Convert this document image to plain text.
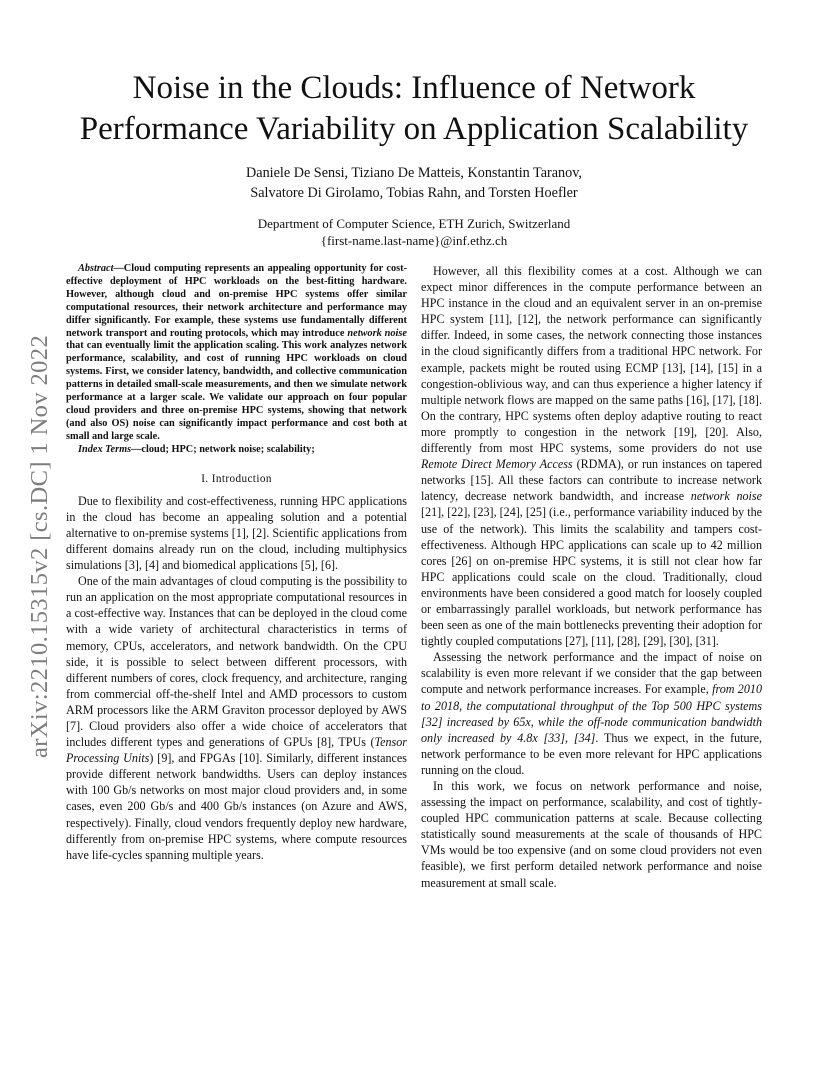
Noise in the Clouds: Influence of Network Performance Variability on Application Scalability
Daniele De Sensi, Tiziano De Matteis, Konstantin Taranov,
Salvatore Di Girolamo, Tobias Rahn, and Torsten Hoefler
Department of Computer Science, ETH Zurich, Switzerland
{first-name.last-name}@inf.ethz.ch
arXiv:2210.15315v2 [cs.DC] 1 Nov 2022

Abstract—Cloud computing represents an appealing opportunity for cost-effective deployment of HPC workloads on the best-fitting hardware. However, although cloud and on-premise HPC systems offer similar computational resources, their network architecture and performance may differ significantly. For example, these systems use fundamentally different network transport and routing protocols, which may introduce network noise that can eventually limit the application scaling. This work analyzes network performance, scalability, and cost of running HPC workloads on cloud systems. First, we consider latency, bandwidth, and collective communication patterns in detailed small-scale measurements, and then we simulate network performance at a larger scale. We validate our approach on four popular cloud providers and three on-premise HPC systems, showing that network (and also OS) noise can significantly impact performance and cost both at small and large scale.

Index Terms—cloud; HPC; network noise; scalability;

I. Introduction

Due to flexibility and cost-effectiveness, running HPC applications in the cloud has become an appealing solution and a potential alternative to on-premise systems [1], [2]. Scientific applications from different domains already run on the cloud, including multiphysics simulations [3], [4] and biomedical applications [5], [6].

One of the main advantages of cloud computing is the possibility to run an application on the most appropriate computational resources in a cost-effective way. Instances that can be deployed in the cloud come with a wide variety of architectural characteristics in terms of memory, CPUs, accelerators, and network bandwidth. On the CPU side, it is possible to select between different processors, with different numbers of cores, clock frequency, and architecture, ranging from commercial off-the-shelf Intel and AMD processors to custom ARM processors like the ARM Graviton processor deployed by AWS [7]. Cloud providers also offer a wide choice of accelerators that includes different types and generations of GPUs [8], TPUs (Tensor Processing Units) [9], and FPGAs [10]. Similarly, different instances provide different network bandwidths. Users can deploy instances with 100 Gb/s networks on most major cloud providers and, in some cases, even 200 Gb/s and 400 Gb/s instances (on Azure and AWS, respectively). Finally, cloud vendors frequently deploy new hardware, differently from on-premise HPC systems, where compute resources have life-cycles spanning multiple years.

However, all this flexibility comes at a cost. Although we can expect minor differences in the compute performance between an HPC instance in the cloud and an equivalent server in an on-premise HPC system [11], [12], the network performance can significantly differ. Indeed, in some cases, the network connecting those instances in the cloud significantly differs from a traditional HPC network. For example, packets might be routed using ECMP [13], [14], [15] in a congestion-oblivious way, and can thus experience a higher latency if multiple network flows are mapped on the same paths [16], [17], [18]. On the contrary, HPC systems often deploy adaptive routing to react more promptly to congestion in the network [19], [20]. Also, differently from most HPC systems, some providers do not use Remote Direct Memory Access (RDMA), or run instances on tapered networks [15]. All these factors can contribute to increase network latency, decrease network bandwidth, and increase network noise [21], [22], [23], [24], [25] (i.e., performance variability induced by the use of the network). This limits the scalability and tampers cost-effectiveness. Although HPC applications can scale up to 42 million cores [26] on on-premise HPC systems, it is still not clear how far HPC applications could scale on the cloud. Traditionally, cloud environments have been considered a good match for loosely coupled or embarrassingly parallel workloads, but network performance has been seen as one of the main bottlenecks preventing their adoption for tightly coupled computations [27], [11], [28], [29], [30], [31].

Assessing the network performance and the impact of noise on scalability is even more relevant if we consider that the gap between compute and network performance increases. For example, from 2010 to 2018, the computational throughput of the Top 500 HPC systems [32] increased by 65x, while the off-node communication bandwidth only increased by 4.8x [33], [34]. Thus we expect, in the future, network performance to be even more relevant for HPC applications running on the cloud.

In this work, we focus on network performance and noise, assessing the impact on performance, scalability, and cost of tightly-coupled HPC communication patterns at scale. Because collecting statistically sound measurements at the scale of thousands of HPC VMs would be too expensive (and on some cloud providers not even feasible), we first perform detailed network performance and noise measurement at small scale.
